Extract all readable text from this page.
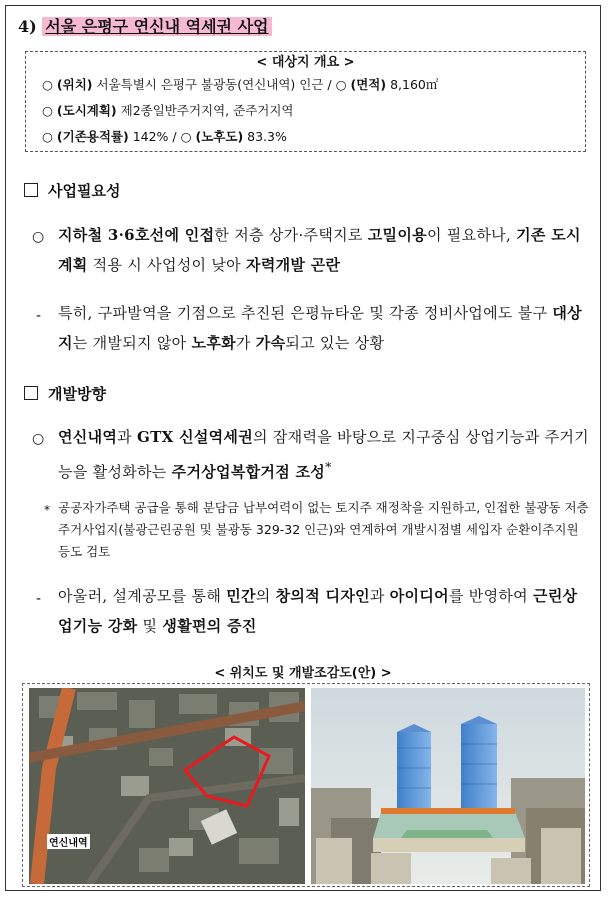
4) 서울 은평구 연신내 역세권 사업
< 대상지 개요 >
○ (위치) 서울특별시 은평구 불광동(연신내역) 인근 / ○ (면적) 8,160㎡
○ (도시계획) 제2종일반주거지역, 준주거지역
○ (기존용적률) 142% / ○ (노후도) 83.3%
사업필요성
○ 지하철 3·6호선에 인접한 저층 상가·주택지로 고밀이용이 필요하나, 기존 도시계획 적용 시 사업성이 낮아 자력개발 곤란
- 특히, 구파발역을 기점으로 추진된 은평뉴타운 및 각종 정비사업에도 불구 대상지는 개발되지 않아 노후화가 가속되고 있는 상황
개발방향
○ 연신내역과 GTX 신설역세권의 잠재력을 바탕으로 지구중심 상업기능과 주거기능을 활성화하는 주거상업복합거점 조성*
* 공공자가주택 공급을 통해 분담금 납부여력이 없는 토지주 재정착을 지원하고, 인접한 불광동 저층주거사업지(불광근린공원 및 불광동 329-32 인근)와 연계하여 개발시점별 세입자 순환이주지원 등도 검토
- 아울러, 설계공모를 통해 민간의 창의적 디자인과 아이디어를 반영하여 근린상업기능 강화 및 생활편의 증진
< 위치도 및 개발조감도(안) >
연신내역
